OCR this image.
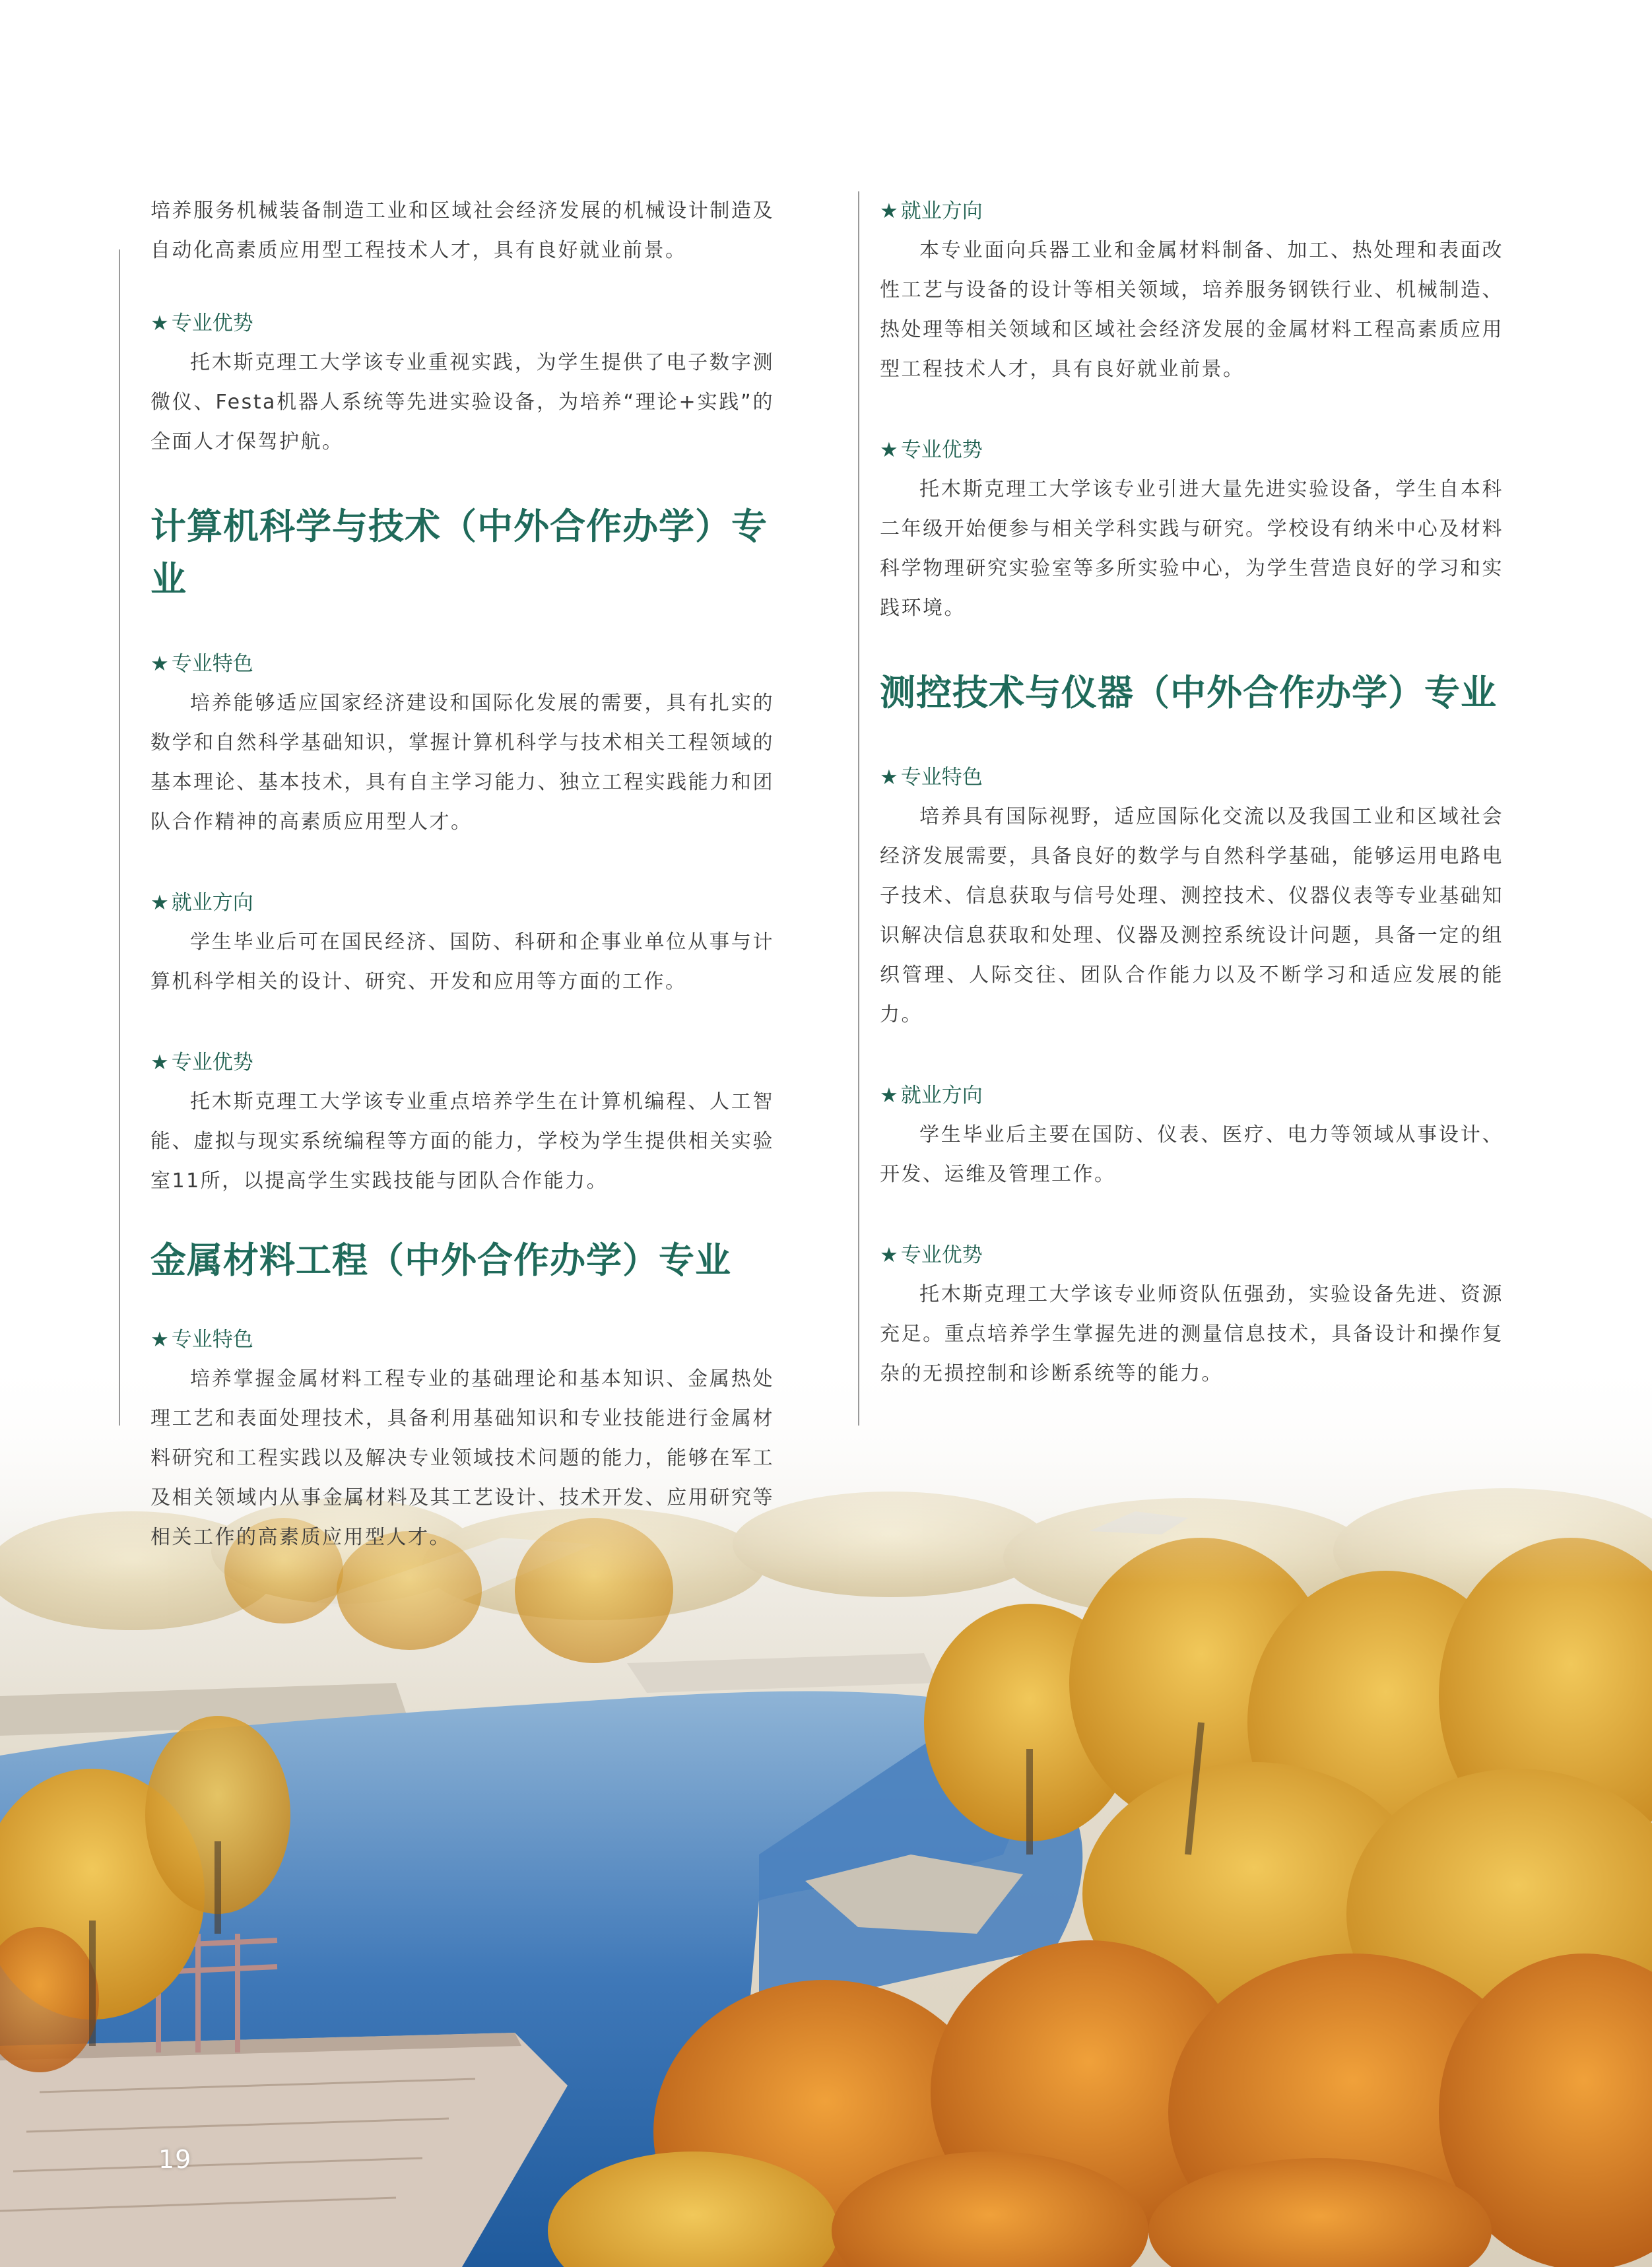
培养服务机械装备制造工业和区域社会经济发展的机械设计制造及自动化高素质应用型工程技术人才，具有良好就业前景。

★ 专业优势

托木斯克理工大学该专业重视实践，为学生提供了电子数字测微仪、Festa机器人系统等先进实验设备，为培养“理论+实践”的全面人才保驾护航。

计算机科学与技术（中外合作办学）专业

★ 专业特色

培养能够适应国家经济建设和国际化发展的需要，具有扎实的数学和自然科学基础知识，掌握计算机科学与技术相关工程领域的基本理论、基本技术，具有自主学习能力、独立工程实践能力和团队合作精神的高素质应用型人才。

★ 就业方向

学生毕业后可在国民经济、国防、科研和企事业单位从事与计算机科学相关的设计、研究、开发和应用等方面的工作。

★ 专业优势

托木斯克理工大学该专业重点培养学生在计算机编程、人工智能、虚拟与现实系统编程等方面的能力，学校为学生提供相关实验室11所，以提高学生实践技能与团队合作能力。

金属材料工程（中外合作办学）专业

★ 专业特色

培养掌握金属材料工程专业的基础理论和基本知识、金属热处理工艺和表面处理技术，具备利用基础知识和专业技能进行金属材料研究和工程实践以及解决专业领域技术问题的能力，能够在军工及相关领域内从事金属材料及其工艺设计、技术开发、应用研究等相关工作的高素质应用型人才。

★ 就业方向

本专业面向兵器工业和金属材料制备、加工、热处理和表面改性工艺与设备的设计等相关领域，培养服务钢铁行业、机械制造、热处理等相关领域和区域社会经济发展的金属材料工程高素质应用型工程技术人才，具有良好就业前景。

★ 专业优势

托木斯克理工大学该专业引进大量先进实验设备，学生自本科二年级开始便参与相关学科实践与研究。学校设有纳米中心及材料科学物理研究实验室等多所实验中心，为学生营造良好的学习和实践环境。

测控技术与仪器（中外合作办学）专业

★ 专业特色

培养具有国际视野，适应国际化交流以及我国工业和区域社会经济发展需要，具备良好的数学与自然科学基础，能够运用电路电子技术、信息获取与信号处理、测控技术、仪器仪表等专业基础知识解决信息获取和处理、仪器及测控系统设计问题，具备一定的组织管理、人际交往、团队合作能力以及不断学习和适应发展的能力。

★ 就业方向

学生毕业后主要在国防、仪表、医疗、电力等领域从事设计、开发、运维及管理工作。

★ 专业优势

托木斯克理工大学该专业师资队伍强劲，实验设备先进、资源充足。重点培养学生掌握先进的测量信息技术，具备设计和操作复杂的无损控制和诊断系统等的能力。

19
